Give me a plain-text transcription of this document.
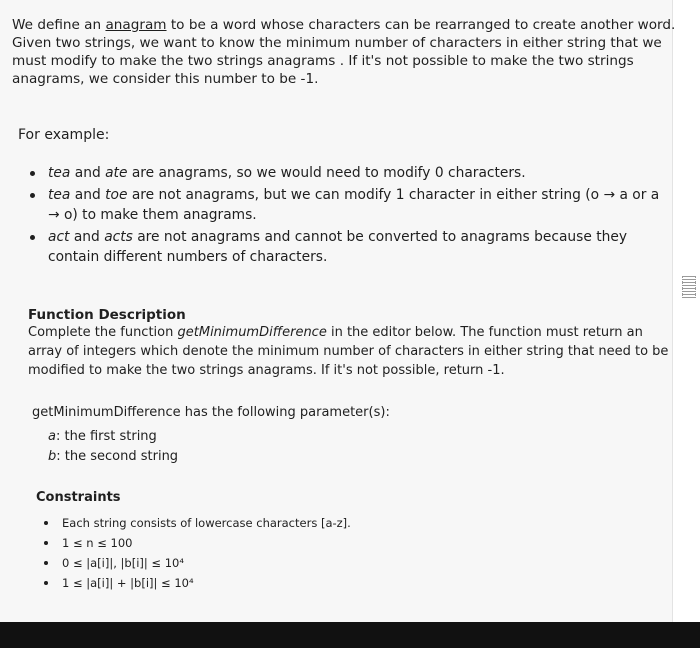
We define an anagram to be a word whose characters can be rearranged to create another word.
Given two strings, we want to know the minimum number of characters in either string that we
must modify to make the two strings anagrams . If it's not possible to make the two strings
anagrams, we consider this number to be -1.
For example:
tea and ate are anagrams, so we would need to modify 0 characters.
tea and toe are not anagrams, but we can modify 1 character in either string (o → a or a
→ o) to make them anagrams.
act and acts are not anagrams and cannot be converted to anagrams because they
contain different numbers of characters.
Function Description
Complete the function getMinimumDifference in the editor below. The function must return an
array of integers which denote the minimum number of characters in either string that need to be
modified to make the two strings anagrams. If it's not possible, return -1.
getMinimumDifference has the following parameter(s):
a: the first string
b: the second string
Constraints
Each string consists of lowercase characters [a-z].
1 ≤ n ≤ 100
0 ≤ |a[i]|, |b[i]| ≤ 10⁴
1 ≤ |a[i]| + |b[i]| ≤ 10⁴
